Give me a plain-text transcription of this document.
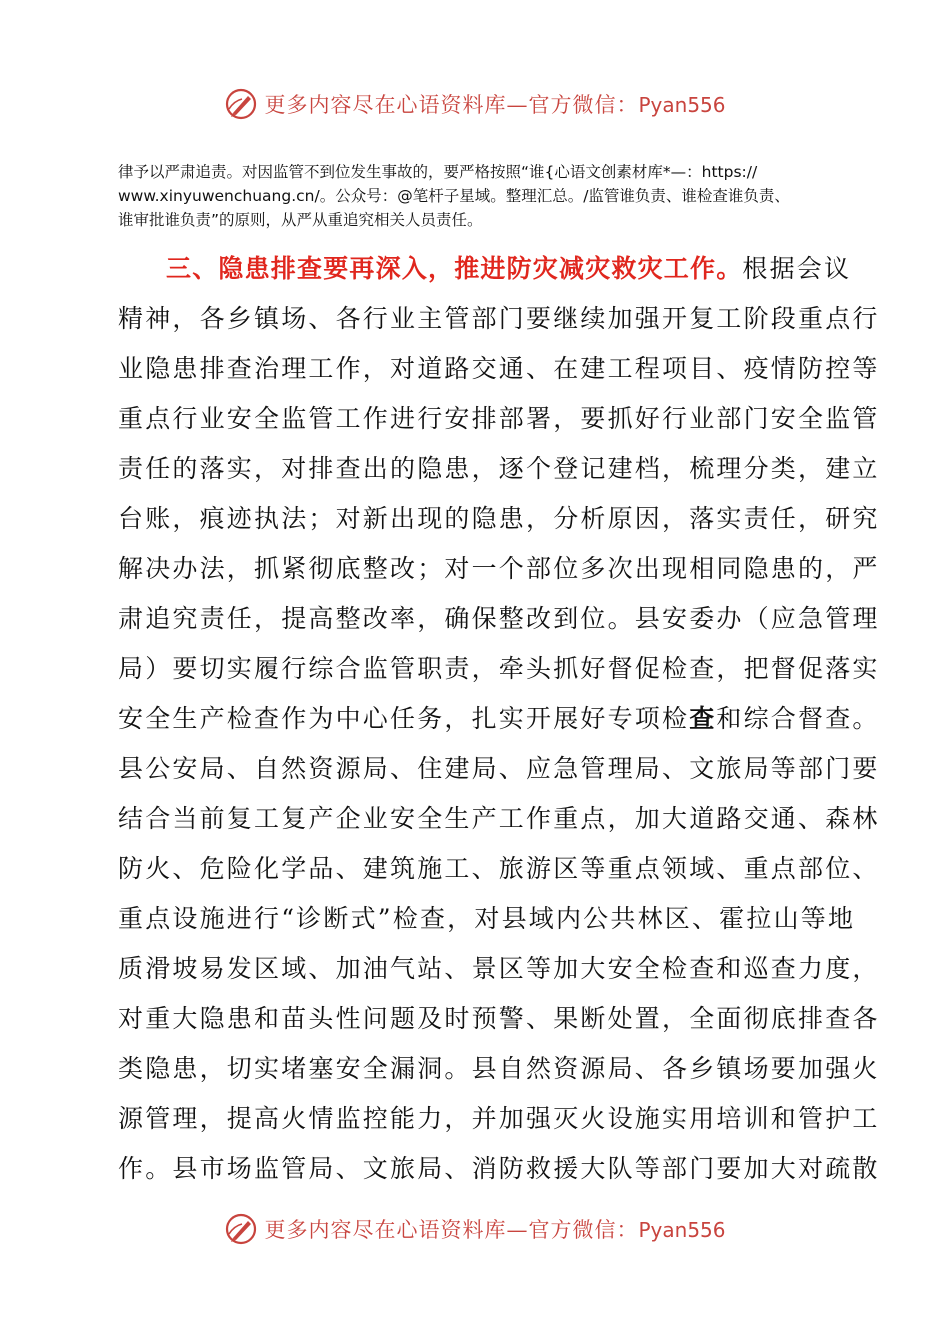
更多内容尽在心语资料库—官方微信：Pyan556
律予以严肃追责。对因监管不到位发生事故的，要严格按照“谁{心语文创素材库*—：https://
www.xinyuwenchuang.cn/。公众号：@笔杆子星域。整理汇总。/监管谁负责、谁检查谁负责、
谁审批谁负责”的原则，从严从重追究相关人员责任。
三、隐患排查要再深入，推进防灾减灾救灾工作。根据会议
精神，各乡镇场、各行业主管部门要继续加强开复工阶段重点行
业隐患排查治理工作，对道路交通、在建工程项目、疫情防控等
重点行业安全监管工作进行安排部署，要抓好行业部门安全监管
责任的落实，对排查出的隐患，逐个登记建档，梳理分类，建立
台账，痕迹执法；对新出现的隐患，分析原因，落实责任，研究
解决办法，抓紧彻底整改；对一个部位多次出现相同隐患的，严
肃追究责任，提高整改率，确保整改到位。县安委办（应急管理
局）要切实履行综合监管职责，牵头抓好督促检查，把督促落实
安全生产检查作为中心任务，扎实开展好专项检查和综合督查。
县公安局、自然资源局、住建局、应急管理局、文旅局等部门要
结合当前复工复产企业安全生产工作重点，加大道路交通、森林
防火、危险化学品、建筑施工、旅游区等重点领域、重点部位、
重点设施进行“诊断式”检查，对县域内公共林区、霍拉山等地
质滑坡易发区域、加油气站、景区等加大安全检查和巡查力度，
对重大隐患和苗头性问题及时预警、果断处置，全面彻底排查各
类隐患，切实堵塞安全漏洞。县自然资源局、各乡镇场要加强火
源管理，提高火情监控能力，并加强灭火设施实用培训和管护工
作。县市场监管局、文旅局、消防救援大队等部门要加大对疏散
更多内容尽在心语资料库—官方微信：Pyan556
